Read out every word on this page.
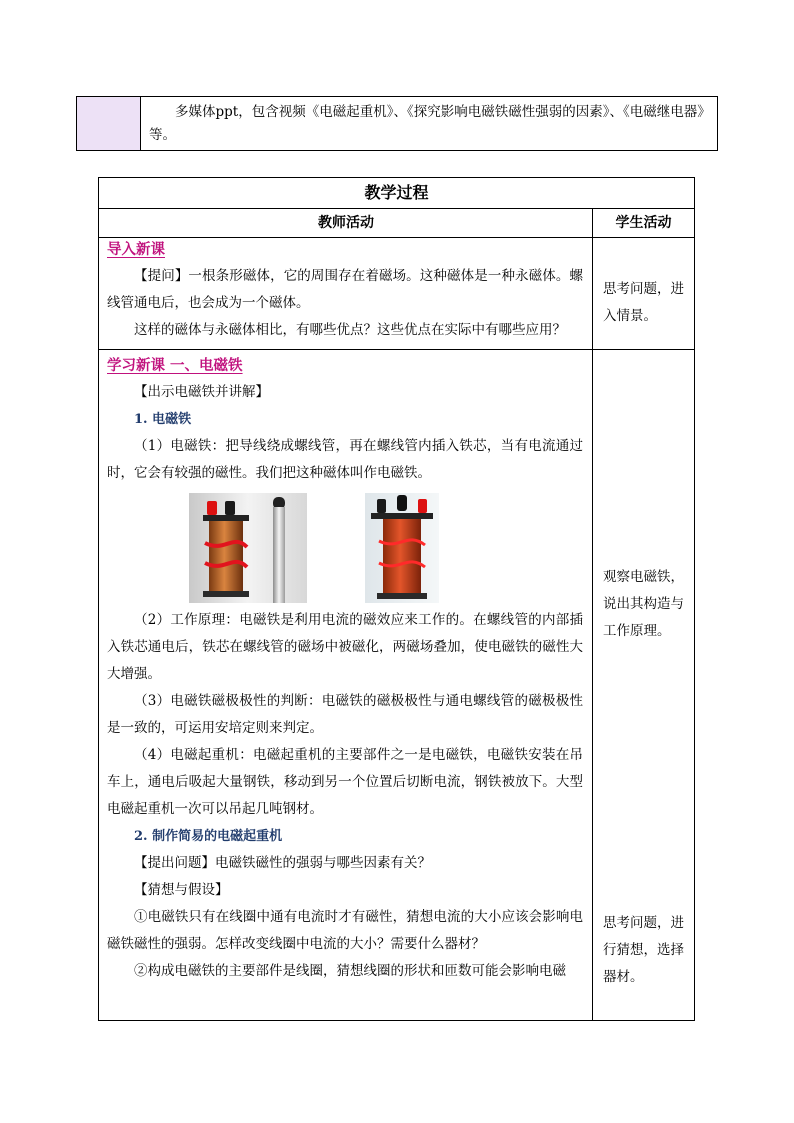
多媒体ppt，包含视频《电磁起重机》、《探究影响电磁铁磁性强弱的因素》、《电磁继电器》等。
教学过程
教师活动	学生活动

导入新课

【提问】一根条形磁体，它的周围存在着磁场。这种磁体是一种永磁体。螺线管通电后，也会成为一个磁体。

这样的磁体与永磁体相比，有哪些优点？这些优点在实际中有哪些应用？

思考问题，进入情景。

学习新课 一、电磁铁

【出示电磁铁并讲解】

1. 电磁铁

（1）电磁铁：把导线绕成螺线管，再在螺线管内插入铁芯，当有电流通过时，它会有较强的磁性。我们把这种磁体叫作电磁铁。

（2）工作原理：电磁铁是利用电流的磁效应来工作的。在螺线管的内部插入铁芯通电后，铁芯在螺线管的磁场中被磁化，两磁场叠加，使电磁铁的磁性大大增强。

（3）电磁铁磁极极性的判断：电磁铁的磁极极性与通电螺线管的磁极极性是一致的，可运用安培定则来判定。

（4）电磁起重机：电磁起重机的主要部件之一是电磁铁，电磁铁安装在吊车上，通电后吸起大量钢铁，移动到另一个位置后切断电流，钢铁被放下。大型电磁起重机一次可以吊起几吨钢材。

2. 制作简易的电磁起重机

【提出问题】电磁铁磁性的强弱与哪些因素有关？

【猜想与假设】

①电磁铁只有在线圈中通有电流时才有磁性，猜想电流的大小应该会影响电磁铁磁性的强弱。怎样改变线圈中电流的大小？需要什么器材？

②构成电磁铁的主要部件是线圈，猜想线圈的形状和匝数可能会影响电磁

观察电磁铁，说出其构造与工作原理。
思考问题，进行猜想，选择器材。
